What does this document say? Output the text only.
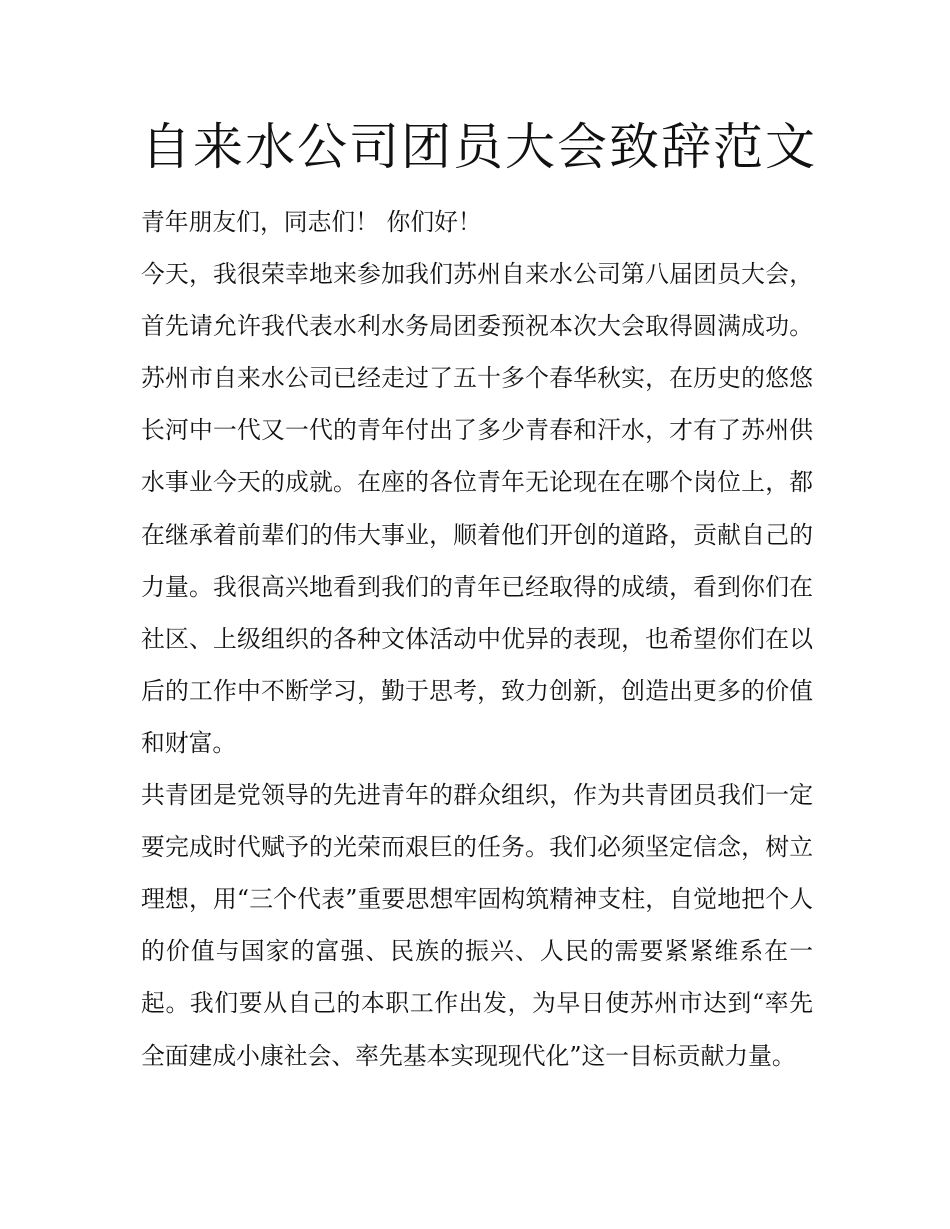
自来水公司团员大会致辞范文

青年朋友们，同志们！ 你们好！

今天，我很荣幸地来参加我们苏州自来水公司第八届团员大会，首先请允许我代表水利水务局团委预祝本次大会取得圆满成功。苏州市自来水公司已经走过了五十多个春华秋实，在历史的悠悠长河中一代又一代的青年付出了多少青春和汗水，才有了苏州供水事业今天的成就。在座的各位青年无论现在在哪个岗位上，都在继承着前辈们的伟大事业，顺着他们开创的道路，贡献自己的力量。我很高兴地看到我们的青年已经取得的成绩，看到你们在社区、上级组织的各种文体活动中优异的表现，也希望你们在以后的工作中不断学习，勤于思考，致力创新，创造出更多的价值和财富。

共青团是党领导的先进青年的群众组织，作为共青团员我们一定要完成时代赋予的光荣而艰巨的任务。我们必须坚定信念，树立理想，用“三个代表”重要思想牢固构筑精神支柱，自觉地把个人的价值与国家的富强、民族的振兴、人民的需要紧紧维系在一起。我们要从自己的本职工作出发，为早日使苏州市达到“率先全面建成小康社会、率先基本实现现代化”这一目标贡献力量。
